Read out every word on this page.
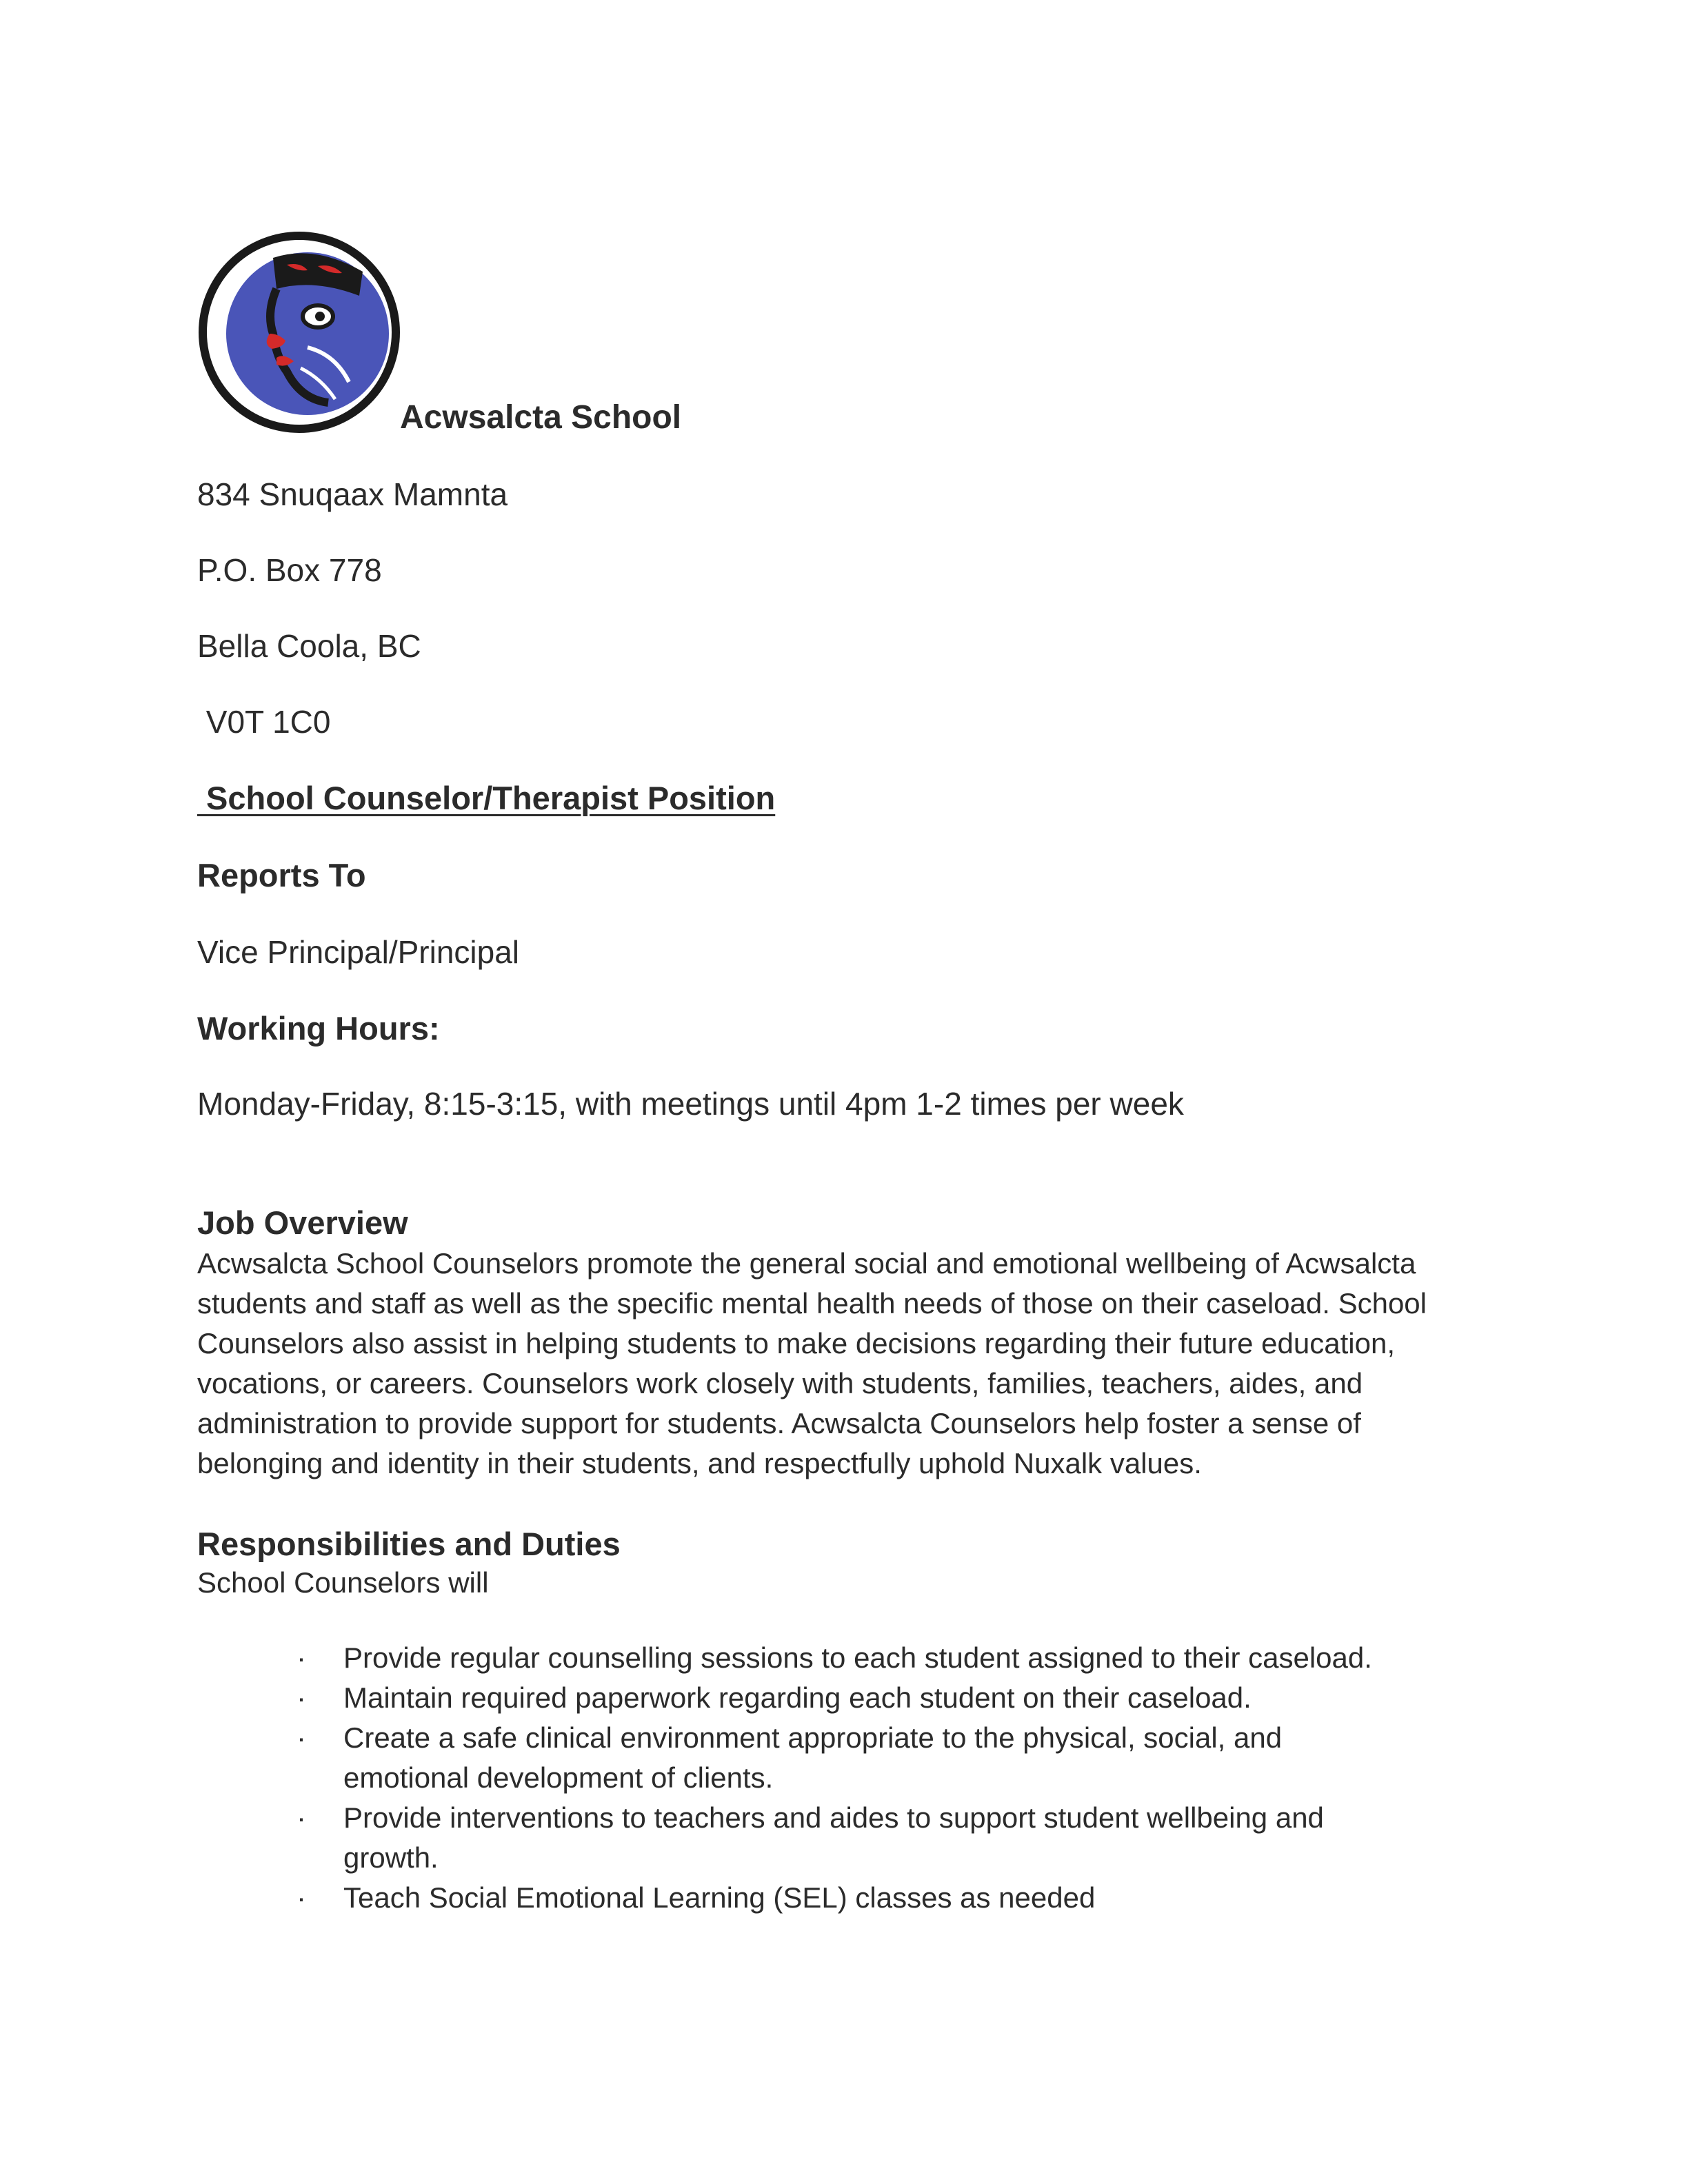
Acwsalcta School
834 Snuqaax Mamnta
P.O. Box 778
Bella Coola, BC
V0T 1C0
School Counselor/Therapist Position
Reports To
Vice Principal/Principal
Working Hours:
Monday-Friday, 8:15-3:15, with meetings until 4pm 1-2 times per week
Job Overview
Acwsalcta School Counselors promote the general social and emotional wellbeing of Acwsalcta
students and staff as well as the specific mental health needs of those on their caseload. School
Counselors also assist in helping students to make decisions regarding their future education,
vocations, or careers. Counselors work closely with students, families, teachers, aides, and
administration to provide support for students. Acwsalcta Counselors help foster a sense of
belonging and identity in their students, and respectfully uphold Nuxalk values.
Responsibilities and Duties
School Counselors will
· Provide regular counselling sessions to each student assigned to their caseload.
· Maintain required paperwork regarding each student on their caseload.
· Create a safe clinical environment appropriate to the physical, social, and
emotional development of clients.
· Provide interventions to teachers and aides to support student wellbeing and
growth.
· Teach Social Emotional Learning (SEL) classes as needed
